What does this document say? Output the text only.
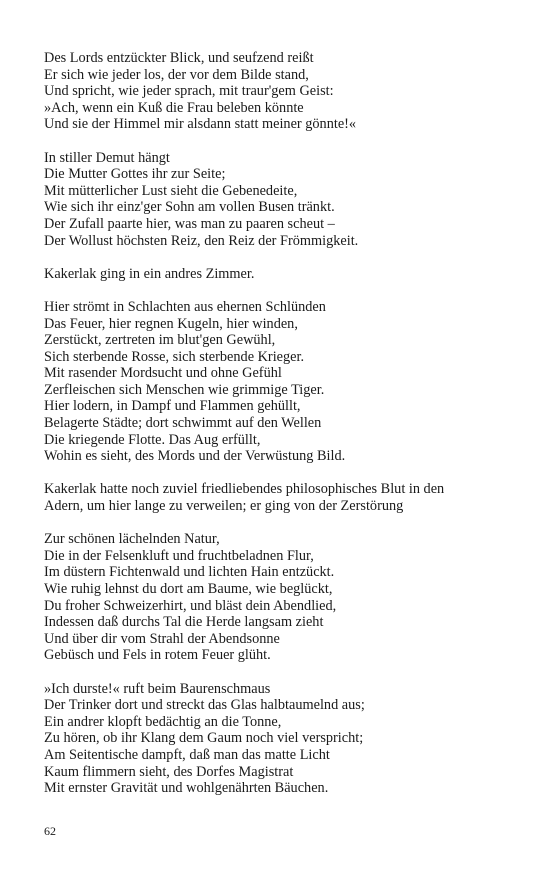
Des Lords entzückter Blick, und seufzend reißt
Er sich wie jeder los, der vor dem Bilde stand,
Und spricht, wie jeder sprach, mit traur'gem Geist:
»Ach, wenn ein Kuß die Frau beleben könnte
Und sie der Himmel mir alsdann statt meiner gönnte!«
In stiller Demut hängt
Die Mutter Gottes ihr zur Seite;
Mit mütterlicher Lust sieht die Gebenedeite,
Wie sich ihr einz'ger Sohn am vollen Busen tränkt.
Der Zufall paarte hier, was man zu paaren scheut –
Der Wollust höchsten Reiz, den Reiz der Frömmigkeit.
Kakerlak ging in ein andres Zimmer.
Hier strömt in Schlachten aus ehernen Schlünden
Das Feuer, hier regnen Kugeln, hier winden,
Zerstückt, zertreten im blut'gen Gewühl,
Sich sterbende Rosse, sich sterbende Krieger.
Mit rasender Mordsucht und ohne Gefühl
Zerfleischen sich Menschen wie grimmige Tiger.
Hier lodern, in Dampf und Flammen gehüllt,
Belagerte Städte; dort schwimmt auf den Wellen
Die kriegende Flotte. Das Aug erfüllt,
Wohin es sieht, des Mords und der Verwüstung Bild.
Kakerlak hatte noch zuviel friedliebendes philosophisches Blut in den
Adern, um hier lange zu verweilen; er ging von der Zerstörung
Zur schönen lächelnden Natur,
Die in der Felsenkluft und fruchtbeladnen Flur,
Im düstern Fichtenwald und lichten Hain entzückt.
Wie ruhig lehnst du dort am Baume, wie beglückt,
Du froher Schweizerhirt, und bläst dein Abendlied,
Indessen daß durchs Tal die Herde langsam zieht
Und über dir vom Strahl der Abendsonne
Gebüsch und Fels in rotem Feuer glüht.
»Ich durste!« ruft beim Baurenschmaus
Der Trinker dort und streckt das Glas halbtaumelnd aus;
Ein andrer klopft bedächtig an die Tonne,
Zu hören, ob ihr Klang dem Gaum noch viel verspricht;
Am Seitentische dampft, daß man das matte Licht
Kaum flimmern sieht, des Dorfes Magistrat
Mit ernster Gravität und wohlgenährten Bäuchen.
62
